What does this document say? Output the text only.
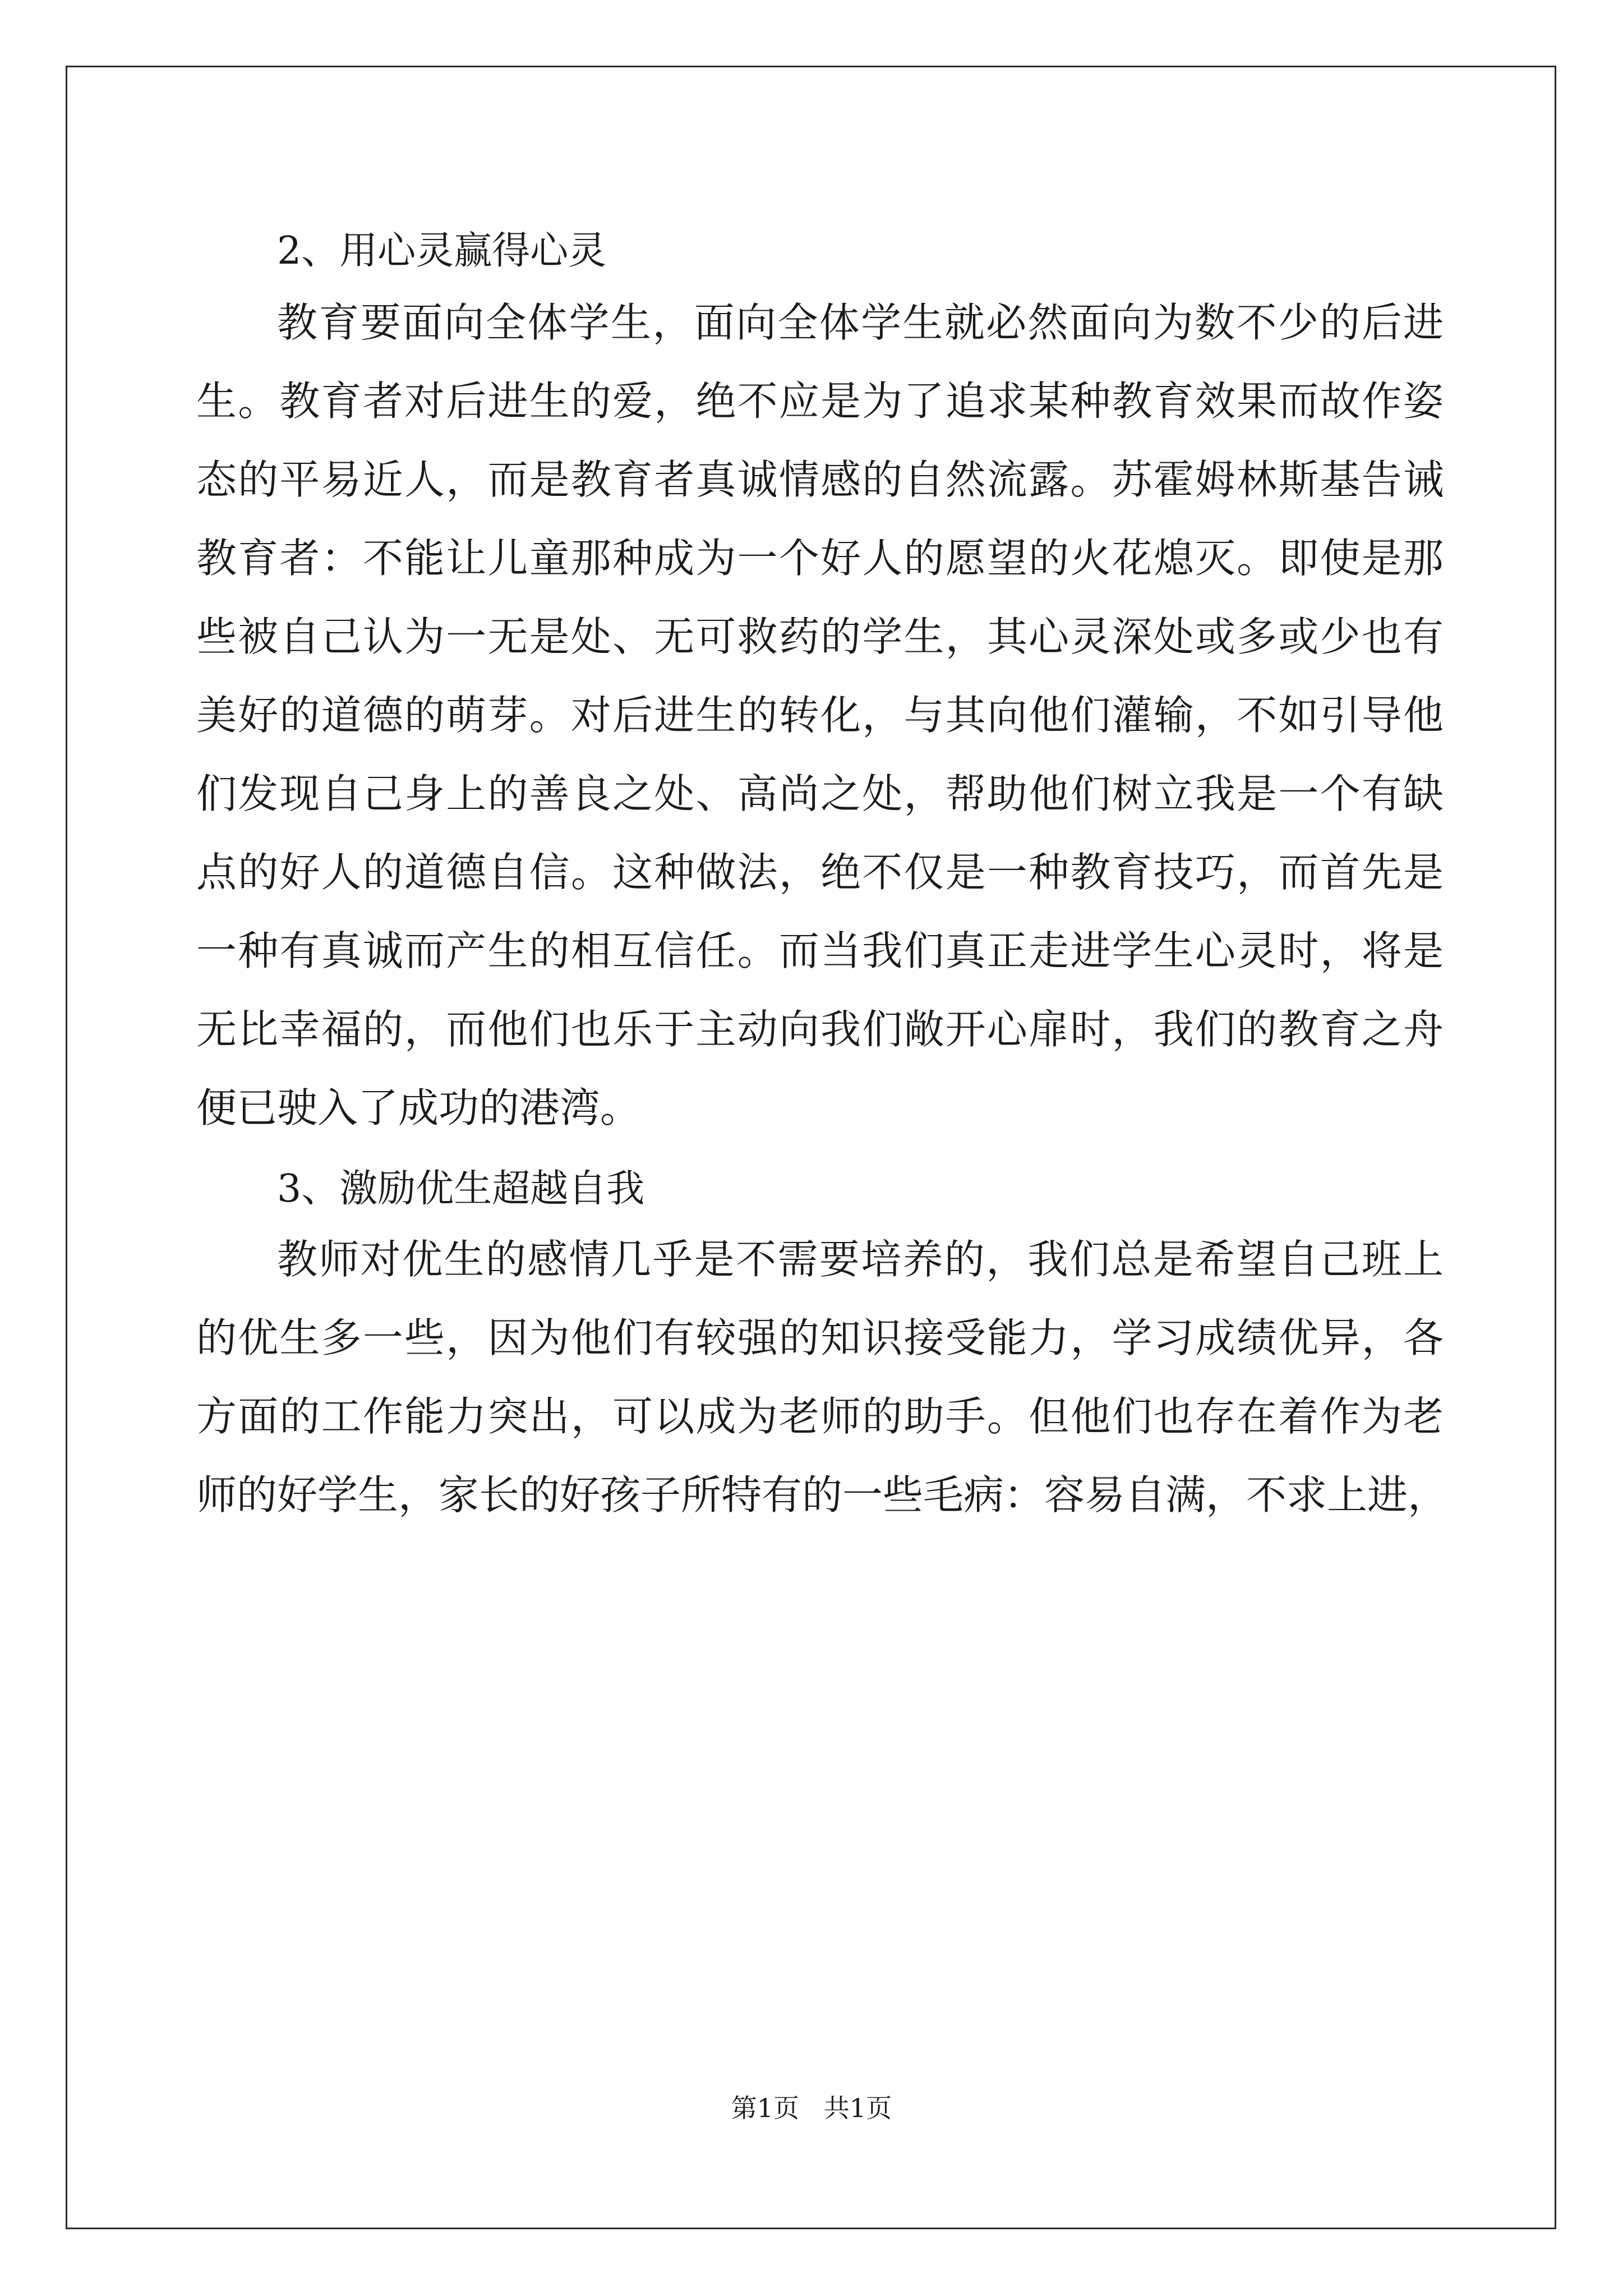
2、用心灵赢得心灵

教育要面向全体学生，面向全体学生就必然面向为数不少的后进

生。教育者对后进生的爱，绝不应是为了追求某种教育效果而故作姿

态的平易近人，而是教育者真诚情感的自然流露。苏霍姆林斯基告诫

教育者：不能让儿童那种成为一个好人的愿望的火花熄灭。即使是那

些被自己认为一无是处、无可救药的学生，其心灵深处或多或少也有

美好的道德的萌芽。对后进生的转化，与其向他们灌输，不如引导他

们发现自己身上的善良之处、高尚之处，帮助他们树立我是一个有缺

点的好人的道德自信。这种做法，绝不仅是一种教育技巧，而首先是

一种有真诚而产生的相互信任。而当我们真正走进学生心灵时，将是

无比幸福的，而他们也乐于主动向我们敞开心扉时，我们的教育之舟

便已驶入了成功的港湾。

3、激励优生超越自我

教师对优生的感情几乎是不需要培养的，我们总是希望自己班上

的优生多一些，因为他们有较强的知识接受能力，学习成绩优异，各

方面的工作能力突出，可以成为老师的助手。但他们也存在着作为老

师的好学生，家长的好孩子所特有的一些毛病：容易自满，不求上进，

第1页   共1页
